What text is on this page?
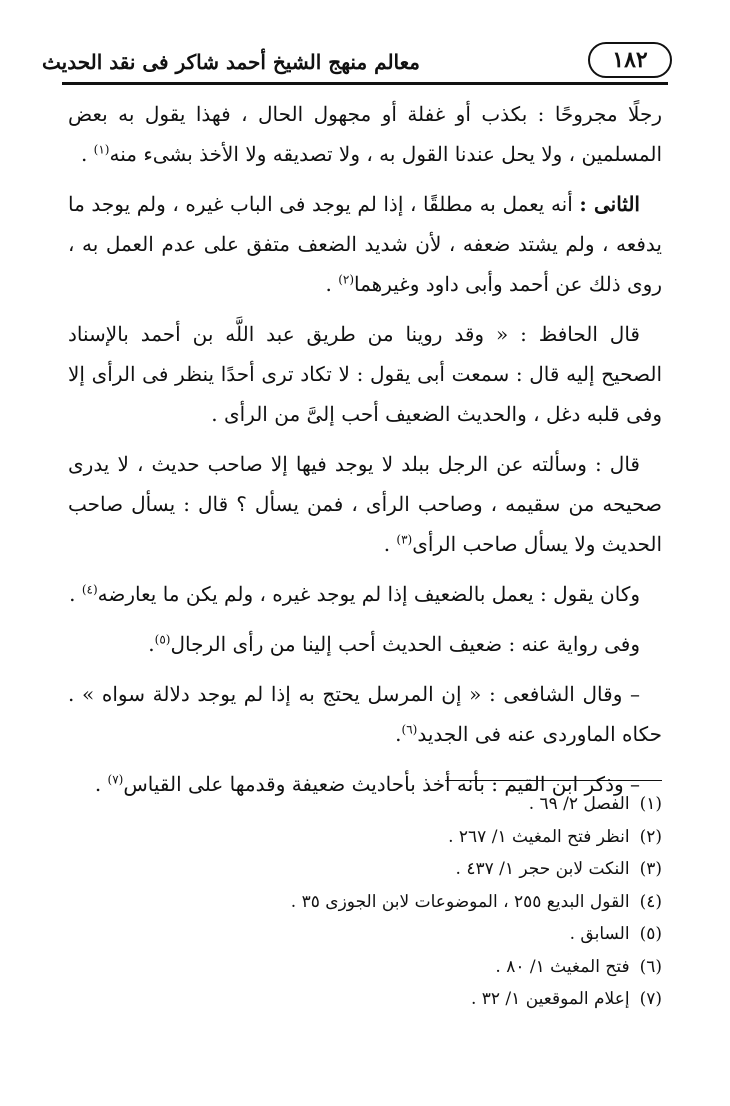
معالم منهج الشيخ أحمد شاكر فى نقد الحديث	١٨٢

رجلًا مجروحًا : بكذب أو غفلة أو مجهول الحال ، فهذا يقول به بعض المسلمين ، ولا يحل عندنا القول به ، ولا تصديقه ولا الأخذ بشىء منه$^{(١)}$ .

الثانى : أنه يعمل به مطلقًا ، إذا لم يوجد فى الباب غيره ، ولم يوجد ما يدفعه ، ولم يشتد ضعفه ، لأن شديد الضعف متفق على عدم العمل به ، روى ذلك عن أحمد وأبى داود وغيرهما$^{(٢)}$ .

قال الحافظ : « وقد روينا من طريق عبد اللَّه بن أحمد بالإسناد الصحيح إليه قال : سمعت أبى يقول : لا تكاد ترى أحدًا ينظر فى الرأى إلا وفى قلبه دغل ، والحديث الضعيف أحب إلىَّ من الرأى .

قال : وسألته عن الرجل ببلد لا يوجد فيها إلا صاحب حديث ، لا يدرى صحيحه من سقيمه ، وصاحب الرأى ، فمن يسأل ؟ قال : يسأل صاحب الحديث ولا يسأل صاحب الرأى$^{(٣)}$ .

وكان يقول : يعمل بالضعيف إذا لم يوجد غيره ، ولم يكن ما يعارضه$^{(٤)}$ .

وفى رواية عنه : ضعيف الحديث أحب إلينا من رأى الرجال$^{(٥)}$.

– وقال الشافعى : « إن المرسل يحتج به إذا لم يوجد دلالة سواه » . حكاه الماوردى عنه فى الجديد$^{(٦)}$.

– وذكر ابن القيم : بأنه أخذ بأحاديث ضعيفة وقدمها على القياس$^{(٧)}$ .

(١)الفصل ٢/ ٦٩ .
(٢)انظر فتح المغيث ١/ ٢٦٧ .
(٣)النكت لابن حجر ١/ ٤٣٧ .
(٤)القول البديع ٢٥٥ ، الموضوعات لابن الجوزى ٣٥ .
(٥)السابق .
(٦)فتح المغيث ١/ ٨٠ .
(٧)إعلام الموقعين ١/ ٣٢ .
